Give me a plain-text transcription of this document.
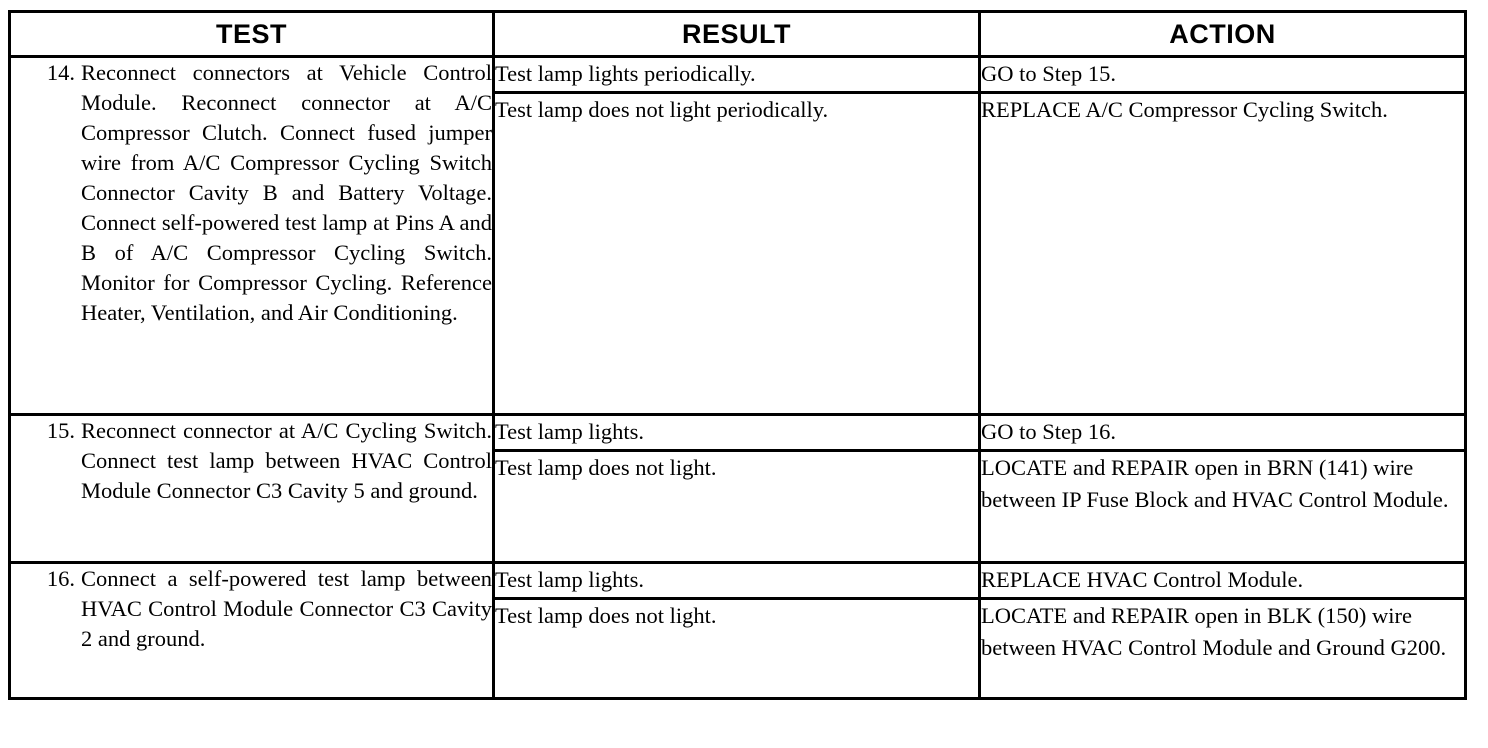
TEST	RESULT	ACTION

14. Reconnect connectors at Vehicle Control Module. Reconnect connector at A/C Compressor Clutch. Connect fused jumper wire from A/C Compressor Cycling Switch Connector Cavity B and Battery Voltage. Connect self-powered test lamp at Pins A and B of A/C Compressor Cycling Switch. Monitor for Compressor Cycling. Reference Heater, Ventilation, and Air Conditioning.	Test lamp lights periodically.	GO to Step 15.
	Test lamp does not light periodically.	REPLACE A/C Compressor Cycling Switch.

15. Reconnect connector at A/C Cycling Switch. Connect test lamp between HVAC Control Module Connector C3 Cavity 5 and ground.	Test lamp lights.	GO to Step 16.
	Test lamp does not light.	LOCATE and REPAIR open in BRN (141) wire between IP Fuse Block and HVAC Control Module.

16. Connect a self-powered test lamp between HVAC Control Module Connector C3 Cavity 2 and ground.	Test lamp lights.	REPLACE HVAC Control Module.
	Test lamp does not light.	LOCATE and REPAIR open in BLK (150) wire between HVAC Control Module and Ground G200.
